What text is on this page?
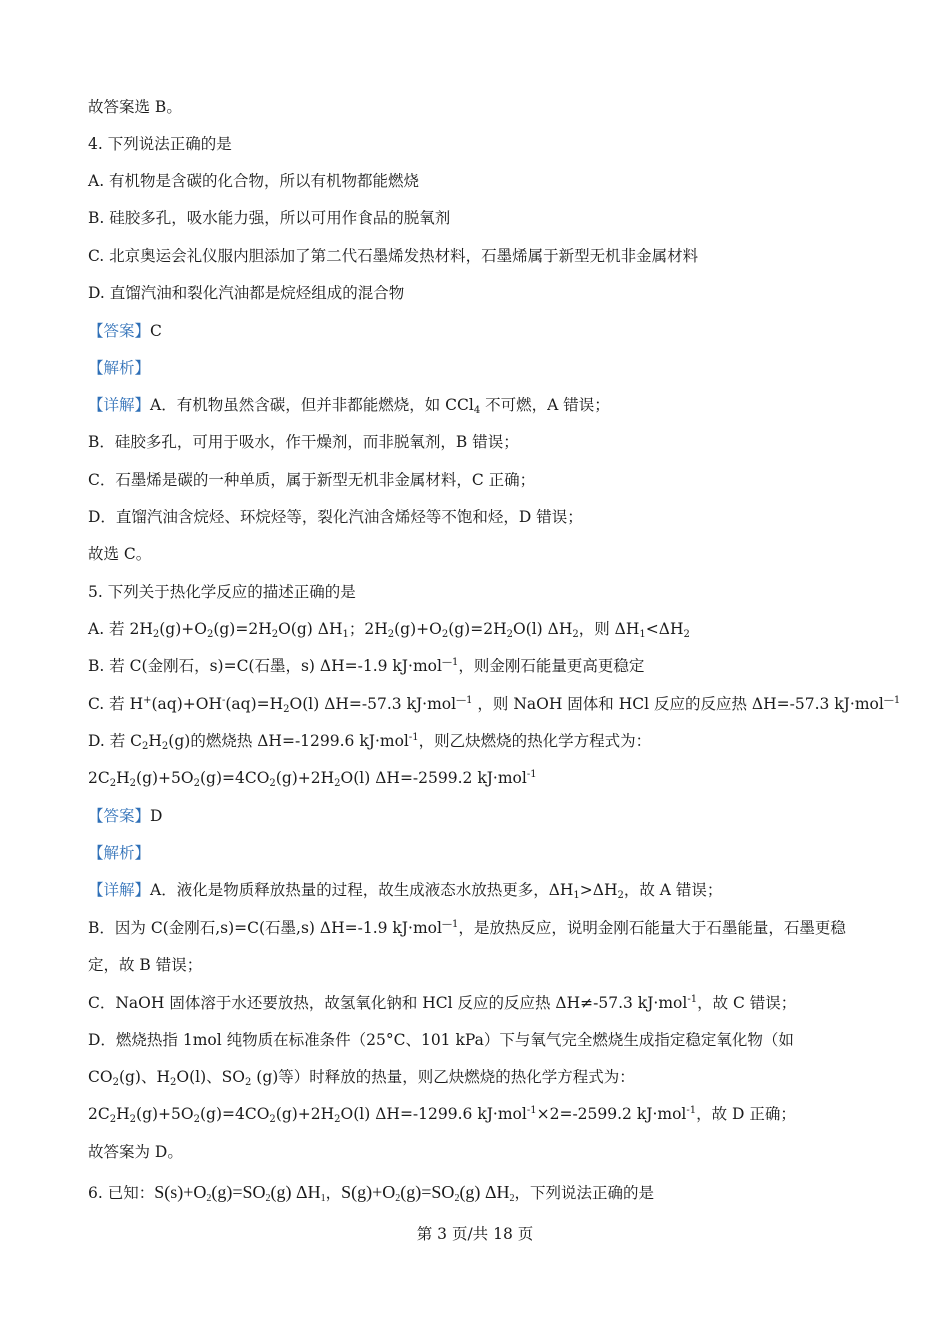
故答案选 B。
4. 下列说法正确的是
A. 有机物是含碳的化合物，所以有机物都能燃烧
B. 硅胶多孔，吸水能力强，所以可用作食品的脱氧剂
C. 北京奥运会礼仪服内胆添加了第二代石墨烯发热材料，石墨烯属于新型无机非金属材料
D. 直馏汽油和裂化汽油都是烷烃组成的混合物
【答案】C
【解析】
【详解】A．有机物虽然含碳，但并非都能燃烧，如 CCl$_4$ 不可燃，A 错误；
B．硅胶多孔，可用于吸水，作干燥剂，而非脱氧剂，B 错误；
C．石墨烯是碳的一种单质，属于新型无机非金属材料，C 正确；
D．直馏汽油含烷烃、环烷烃等，裂化汽油含烯烃等不饱和烃，D 错误；
故选 C。
5. 下列关于热化学反应的描述正确的是
A. 若 $2H_2(g)+O_2(g)=2H_2O(g)$ $\Delta H_1$；$2H_2(g)+O_2(g)=2H_2O(l)$ $\Delta H_2$，则 $\Delta H_1<\Delta H_2$
B. 若 C(金刚石，s)=C(石墨，s) ΔH=-1.9 kJ·mol$^{—1}$，则金刚石能量更高更稳定
C. 若 $H^+(aq)+OH^-(aq)=H_2O(l)$ ΔH=-57.3 kJ·mol$^{—1}$ ，则 NaOH 固体和 HCl 反应的反应热 ΔH=-57.3 kJ·mol$^{—1}$
D. 若 $C_2H_2(g)$的燃烧热 ΔH=-1299.6 kJ·mol$^{-1}$，则乙炔燃烧的热化学方程式为：
$2C_2H_2(g)+5O_2(g)=4CO_2(g)+2H_2O(l)$ ΔH=-2599.2 kJ·mol$^{-1}$
【答案】D
【解析】
【详解】A．液化是物质释放热量的过程，故生成液态水放热更多，$\Delta H_1>\Delta H_2$，故 A 错误；
B．因为 C(金刚石,s)=C(石墨,s) ΔH=-1.9 kJ·mol$^{—1}$，是放热反应，说明金刚石能量大于石墨能量，石墨更稳
定，故 B 错误；
C．NaOH 固体溶于水还要放热，故氢氧化钠和 HCl 反应的反应热 ΔH≠-57.3 kJ·mol$^{-1}$，故 C 错误；
D．燃烧热指 1mol 纯物质在标准条件（25°C、101 kPa）下与氧气完全燃烧生成指定稳定氧化物（如
$CO_2(g)$、$H_2O(l)$、$SO_2$ (g)等）时释放的热量，则乙炔燃烧的热化学方程式为：
$2C_2H_2(g)+5O_2(g)=4CO_2(g)+2H_2O(l)$ ΔH=-1299.6 kJ·mol$^{-1}$×2=-2599.2 kJ·mol$^{-1}$，故 D 正确；
故答案为 D。
6. 已知：$S(s)+O_2(g)=SO_2(g)$ $\Delta H_1$，$S(g)+O_2(g)=SO_2(g)$ $\Delta H_2$，下列说法正确的是
第 3 页/共 18 页
